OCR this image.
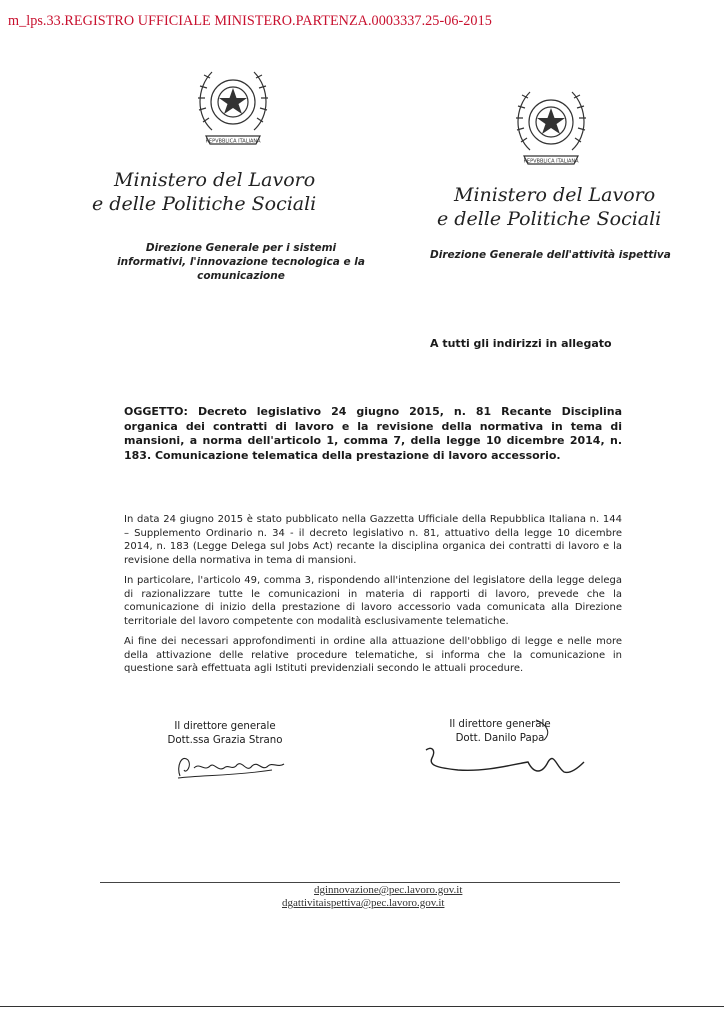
m_lps.33.REGISTRO UFFICIALE MINISTERO.PARTENZA.0003337.25-06-2015
REPVBBLICA ITALIANA
REPVBBLICA ITALIANA
Ministero del Lavoro
e delle Politiche Sociali
Direzione Generale per i sistemi
informativi, l'innovazione tecnologica e la
comunicazione
Ministero del Lavoro
e delle Politiche Sociali
Direzione Generale dell'attività ispettiva
A tutti gli indirizzi in allegato
OGGETTO: Decreto legislativo 24 giugno 2015, n. 81 Recante Disciplina organica dei contratti di lavoro e la revisione della normativa in tema di mansioni, a norma dell'articolo 1, comma 7, della legge 10 dicembre 2014, n. 183. Comunicazione telematica della prestazione di lavoro accessorio.
In data 24 giugno 2015 è stato pubblicato nella Gazzetta Ufficiale della Repubblica Italiana n. 144 – Supplemento Ordinario n. 34 - il decreto legislativo n. 81, attuativo della legge 10 dicembre 2014, n. 183 (Legge Delega sul Jobs Act) recante la disciplina organica dei contratti di lavoro e la revisione della normativa in tema di mansioni.
In particolare, l'articolo 49, comma 3, rispondendo all'intenzione del legislatore della legge delega di razionalizzare tutte le comunicazioni in materia di rapporti di lavoro, prevede che la comunicazione di inizio della prestazione di lavoro accessorio vada comunicata alla Direzione territoriale del lavoro competente con modalità esclusivamente telematiche.
Ai fine dei necessari approfondimenti in ordine alla attuazione dell'obbligo di legge e nelle more della attivazione delle relative procedure telematiche, si informa che la comunicazione in questione sarà effettuata agli Istituti previdenziali secondo le attuali procedure.
Il direttore generale
Dott.ssa Grazia Strano
Il direttore generale
Dott. Danilo Papa
dginnovazione@pec.lavoro.gov.it
dgattivitaispettiva@pec.lavoro.gov.it
